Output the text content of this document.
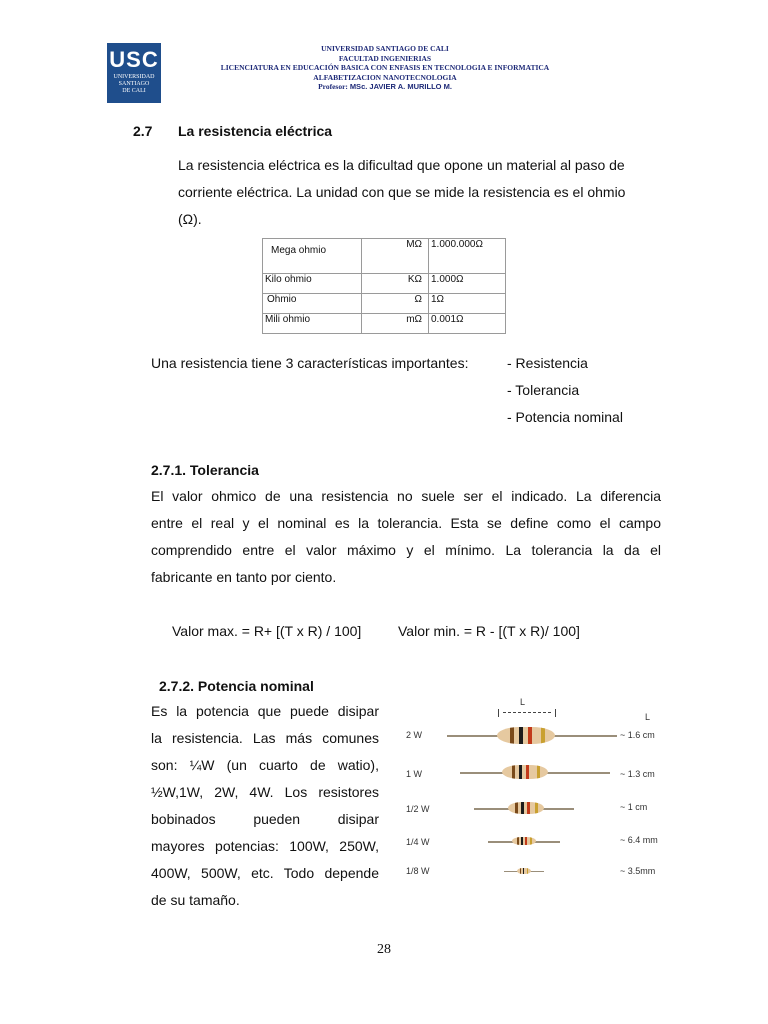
USC
UNIVERSIDAD
SANTIAGO
DE CALI
UNIVERSIDAD SANTIAGO DE CALI
FACULTAD INGENIERIAS
LICENCIATURA EN EDUCACIÓN BASICA CON ENFASIS EN TECNOLOGIA E INFORMATICA
ALFABETIZACION NANOTECNOLOGIA
Profesor: MSc. JAVIER A. MURILLO M.
2.7 La resistencia eléctrica
La resistencia eléctrica es la dificultad que opone un material al paso de
corriente eléctrica. La unidad con que se mide la resistencia es el ohmio
(Ω).
Mega ohmio	MΩ	1.000.000Ω
Kilo ohmio	KΩ	1.000Ω
Ohmio	Ω	1Ω
Mili ohmio	mΩ	0.001Ω
Una resistencia tiene 3 características importantes:	- Resistencia
- Tolerancia
- Potencia nominal
2.7.1. Tolerancia
El valor ohmico de una resistencia no suele ser el indicado. La diferencia
entre el real y el nominal es la tolerancia. Esta se define como el campo
comprendido entre el valor máximo y el mínimo. La tolerancia la da el
fabricante en tanto por ciento.
Valor max. = R+ [(T x R) / 100]	Valor min. = R - [(T x R)/ 100]
2.7.2. Potencia nominal
Es la potencia que puede disipar
la resistencia. Las más comunes
son: ¼W (un cuarto de watio),
½W,1W, 2W, 4W. Los resistores
bobinados pueden disipar
mayores potencias: 100W, 250W,
400W, 500W, etc. Todo depende
de su tamaño.
L
L
2 W	~ 1.6 cm
1 W	~ 1.3 cm
1/2 W	~ 1 cm
1/4 W	~ 6.4 mm
1/8 W	~ 3.5mm
28
